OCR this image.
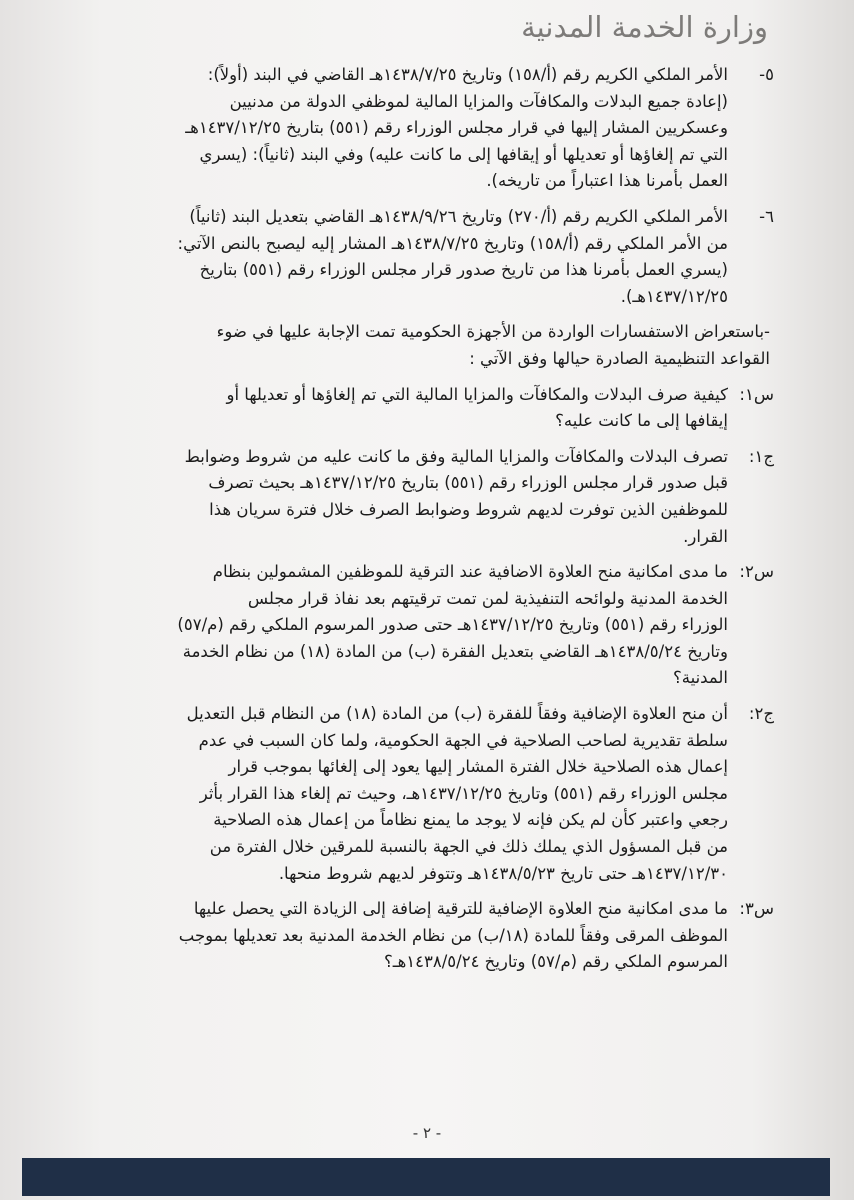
وزارة الخدمة المدنية
٥-
الأمر الملكي الكريم رقم (أ/١٥٨) وتاريخ ١٤٣٨/٧/٢٥هـ القاضي في البند (أولاً):
(إعادة جميع البدلات والمكافآت والمزايا المالية لموظفي الدولة من مدنيين
وعسكريين المشار إليها في قرار مجلس الوزراء رقم (٥٥١) بتاريخ ١٤٣٧/١٢/٢٥هـ
التي تم إلغاؤها أو تعديلها أو إيقافها إلى ما كانت عليه) وفي البند (ثانياً): (يسري
العمل بأمرنا هذا اعتباراً من تاريخه).
٦-
الأمر الملكي الكريم رقم (أ/٢٧٠) وتاريخ ١٤٣٨/٩/٢٦هـ القاضي بتعديل البند (ثانياً)
من الأمر الملكي رقم (أ/١٥٨) وتاريخ ١٤٣٨/٧/٢٥هـ المشار إليه ليصبح بالنص الآتي:
(يسري العمل بأمرنا هذا من تاريخ صدور قرار مجلس الوزراء رقم (٥٥١) بتاريخ
١٤٣٧/١٢/٢٥هـ).
-باستعراض الاستفسارات الواردة من الأجهزة الحكومية تمت الإجابة عليها في ضوء
القواعد التنظيمية الصادرة حيالها وفق الآتي :
س١:
كيفية صرف البدلات والمكافآت والمزايا المالية التي تم إلغاؤها أو تعديلها أو
إيقافها إلى ما كانت عليه؟
ج١:
تصرف البدلات والمكافآت والمزايا المالية وفق ما كانت عليه من شروط وضوابط
قبل صدور قرار مجلس الوزراء رقم (٥٥١) بتاريخ ١٤٣٧/١٢/٢٥هـ بحيث تصرف
للموظفين الذين توفرت لديهم شروط وضوابط الصرف خلال فترة سريان هذا
القرار.
س٢:
ما مدى امكانية منح العلاوة الاضافية عند الترقية للموظفين المشمولين بنظام
الخدمة المدنية ولوائحه التنفيذية لمن تمت ترقيتهم بعد نفاذ قرار مجلس
الوزراء رقم (٥٥١) وتاريخ ١٤٣٧/١٢/٢٥هـ حتى صدور المرسوم الملكي رقم (م/٥٧)
وتاريخ ١٤٣٨/٥/٢٤هـ القاضي بتعديل الفقرة (ب) من المادة (١٨) من نظام الخدمة
المدنية؟
ج٢:
أن منح العلاوة الإضافية وفقاً للفقرة (ب) من المادة (١٨) من النظام قبل التعديل
سلطة تقديرية لصاحب الصلاحية في الجهة الحكومية، ولما كان السبب في عدم
إعمال هذه الصلاحية خلال الفترة المشار إليها يعود إلى إلغائها بموجب قرار
مجلس الوزراء رقم (٥٥١) وتاريخ ١٤٣٧/١٢/٢٥هـ، وحيث تم إلغاء هذا القرار بأثر
رجعي واعتبر كأن لم يكن فإنه لا يوجد ما يمنع نظاماً من إعمال هذه الصلاحية
من قبل المسؤول الذي يملك ذلك في الجهة بالنسبة للمرقين خلال الفترة من
١٤٣٧/١٢/٣٠هـ حتى تاريخ ١٤٣٨/٥/٢٣هـ وتتوفر لديهم شروط منحها.
س٣:
ما مدى امكانية منح العلاوة الإضافية للترقية إضافة إلى الزيادة التي يحصل عليها
الموظف المرقى وفقاً للمادة (١٨/ب) من نظام الخدمة المدنية بعد تعديلها بموجب
المرسوم الملكي رقم (م/٥٧) وتاريخ ١٤٣٨/٥/٢٤هـ؟
- ٢ -
